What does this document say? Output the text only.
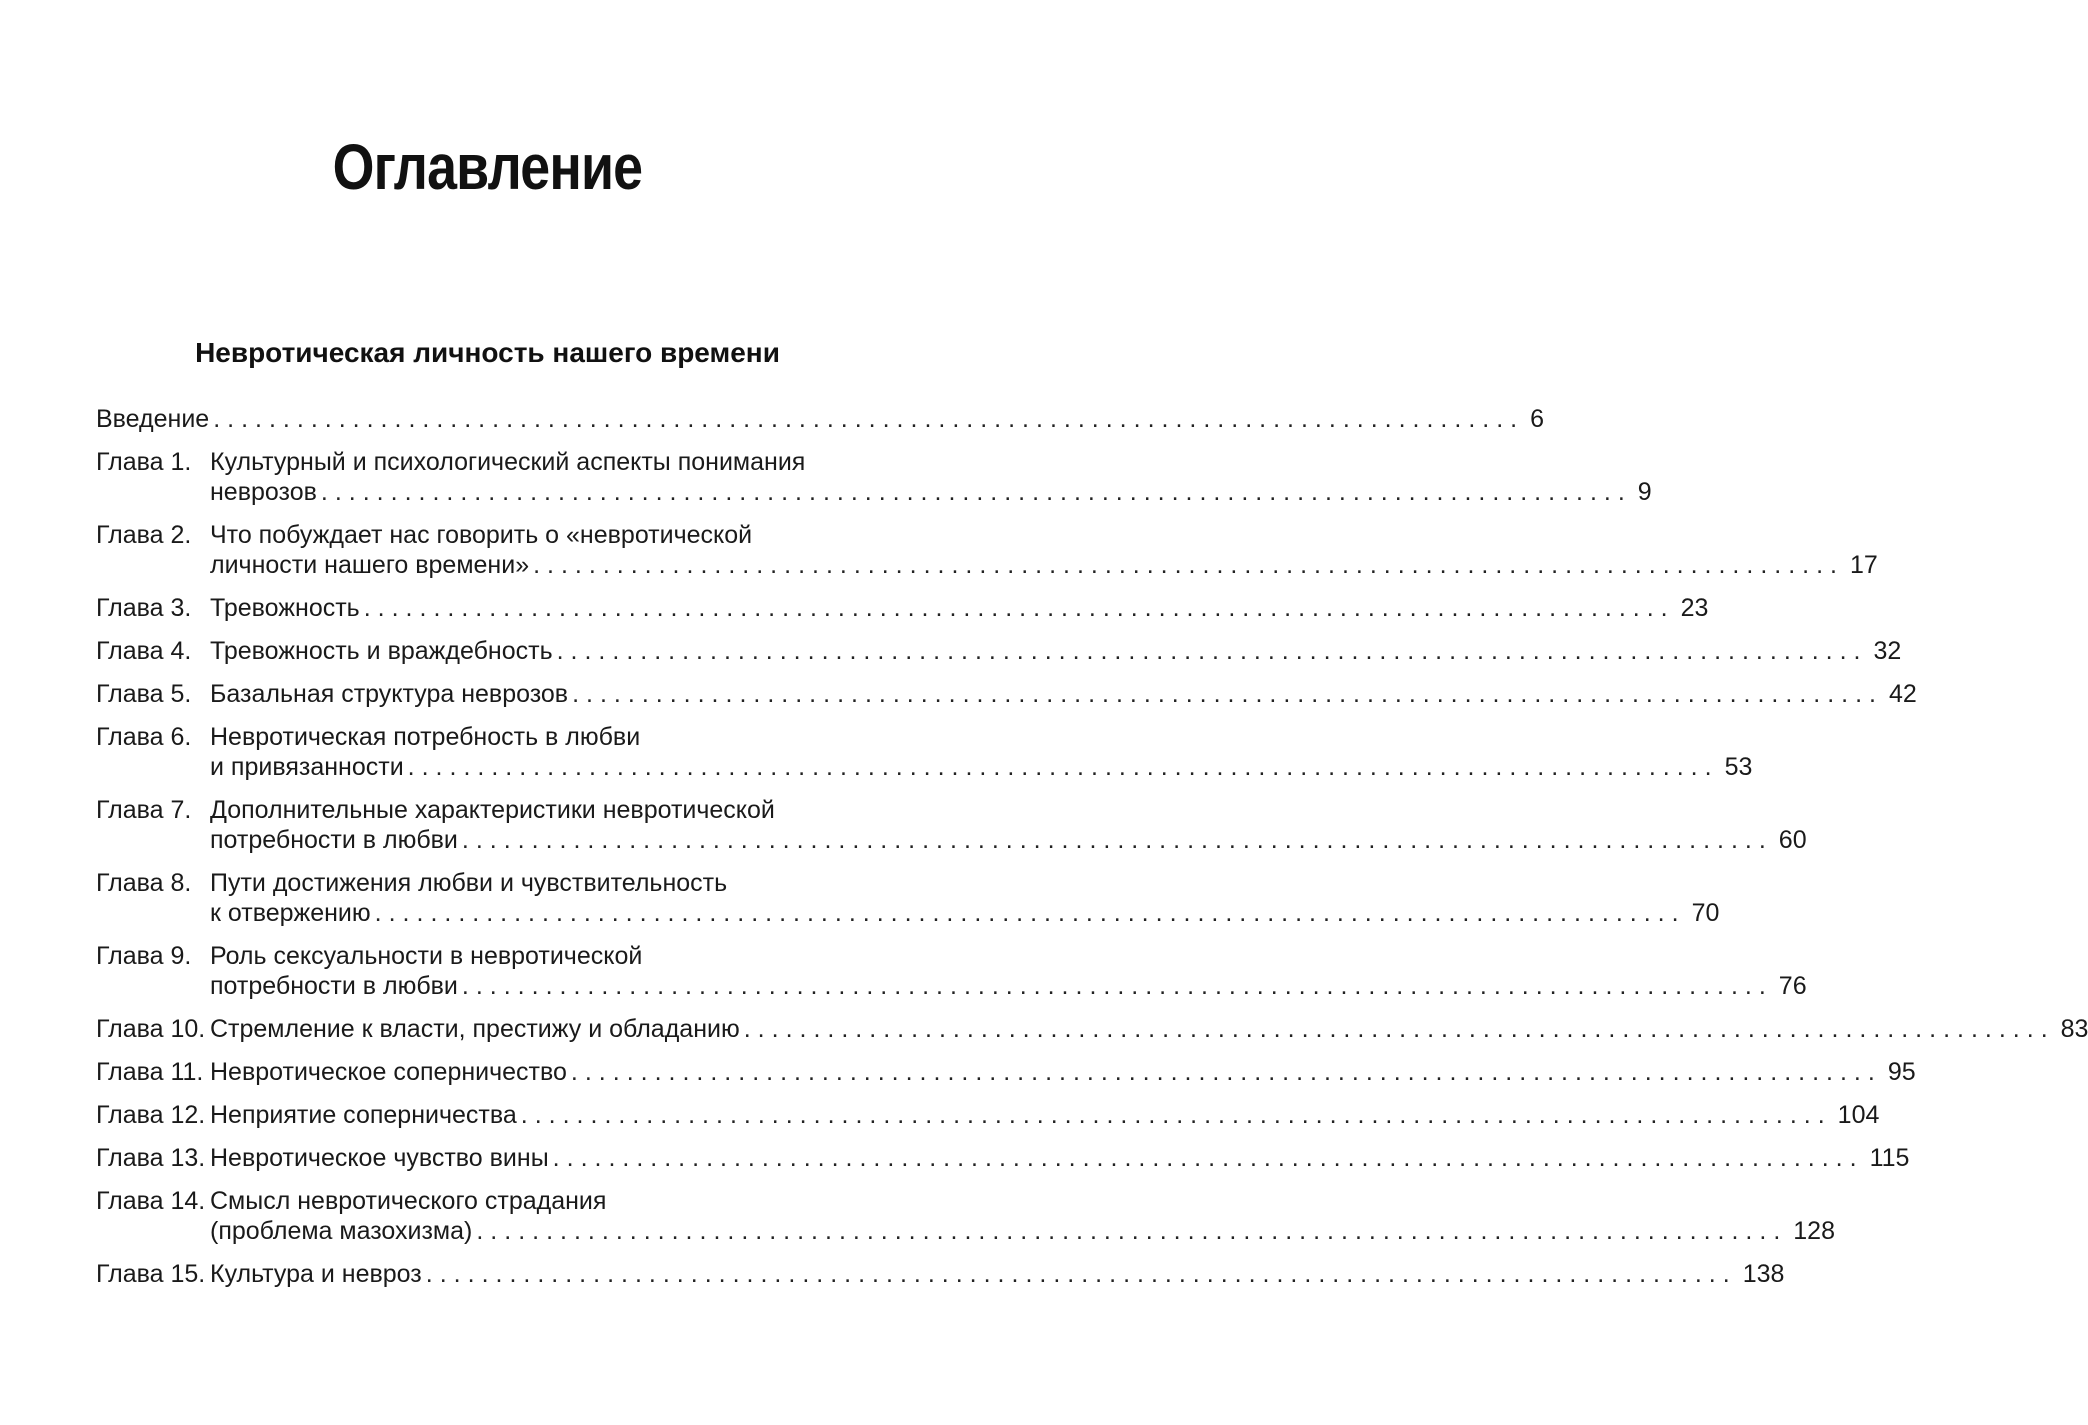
Оглавление
Невротическая личность нашего времени
Введение .............................................................................................. 6
Глава 1. Культурный и психологический аспекты понимания
неврозов .............................................................................................. 9
Глава 2. Что побуждает нас говорить о «невротической
личности нашего времени» .............................................................................................. 17
Глава 3. Тревожность .............................................................................................. 23
Глава 4. Тревожность и враждебность .............................................................................................. 32
Глава 5. Базальная структура неврозов .............................................................................................. 42
Глава 6. Невротическая потребность в любви
и привязанности .............................................................................................. 53
Глава 7. Дополнительные характеристики невротической
потребности в любви .............................................................................................. 60
Глава 8. Пути достижения любви и чувствительность
к отвержению .............................................................................................. 70
Глава 9. Роль сексуальности в невротической
потребности в любви .............................................................................................. 76
Глава 10. Стремление к власти, престижу и обладанию .............................................................................................. 83
Глава 11. Невротическое соперничество .............................................................................................. 95
Глава 12. Неприятие соперничества .............................................................................................. 104
Глава 13. Невротическое чувство вины .............................................................................................. 115
Глава 14. Смысл невротического страдания
(проблема мазохизма) .............................................................................................. 128
Глава 15. Культура и невроз .............................................................................................. 138
